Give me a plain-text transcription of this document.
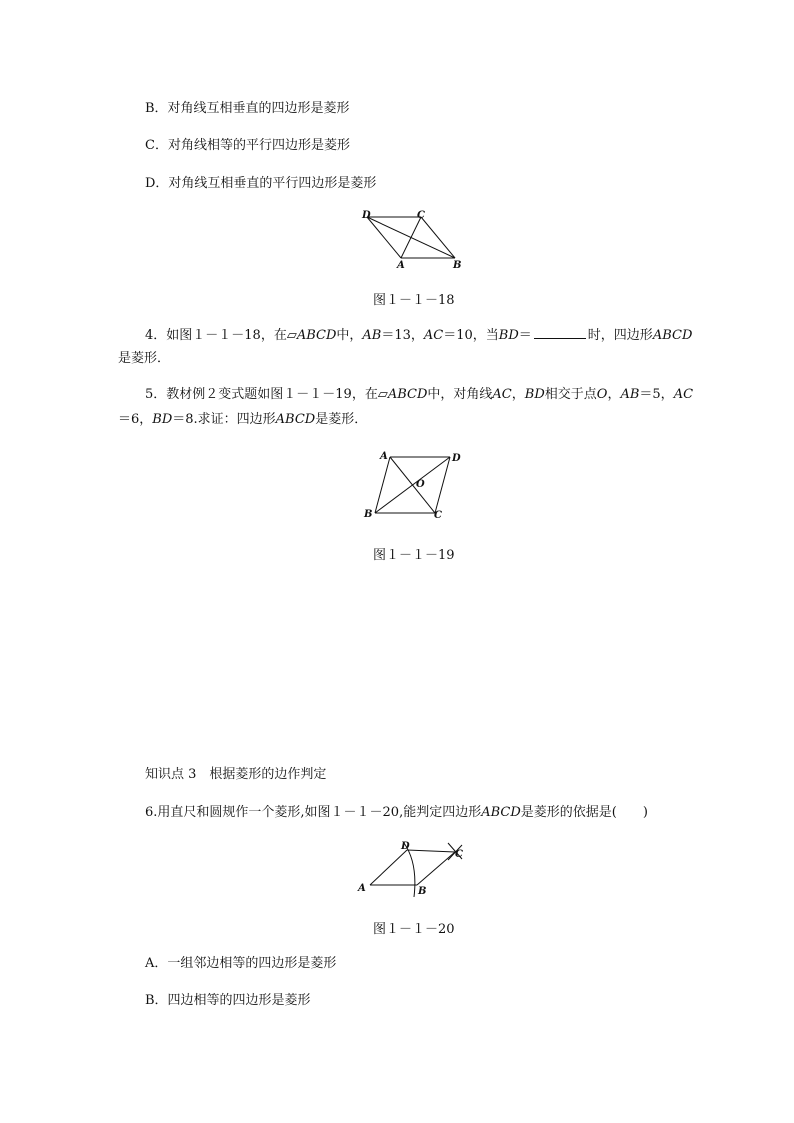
B．对角线互相垂直的四边形是菱形
C．对角线相等的平行四边形是菱形
D．对角线互相垂直的平行四边形是菱形
D	C
A	B
图１－１－18
4．如图１－１－18，在▱ABCD中，AB＝13，AC＝10，当BD＝	时，四边形ABCD
是菱形．
5．教材例２变式题如图１－１－19，在▱ABCD中，对角线AC，BD相交于点O，AB＝5，AC
＝6，BD＝8.求证：四边形ABCD是菱形．
A	D
O
B	C
图１－１－19
知识点 3　根据菱形的边作判定
6.用直尺和圆规作一个菱形,如图１－１－20,能判定四边形ABCD是菱形的依据是(　　)
D
C
A	B
图１－１－20
A．一组邻边相等的四边形是菱形
B．四边相等的四边形是菱形
